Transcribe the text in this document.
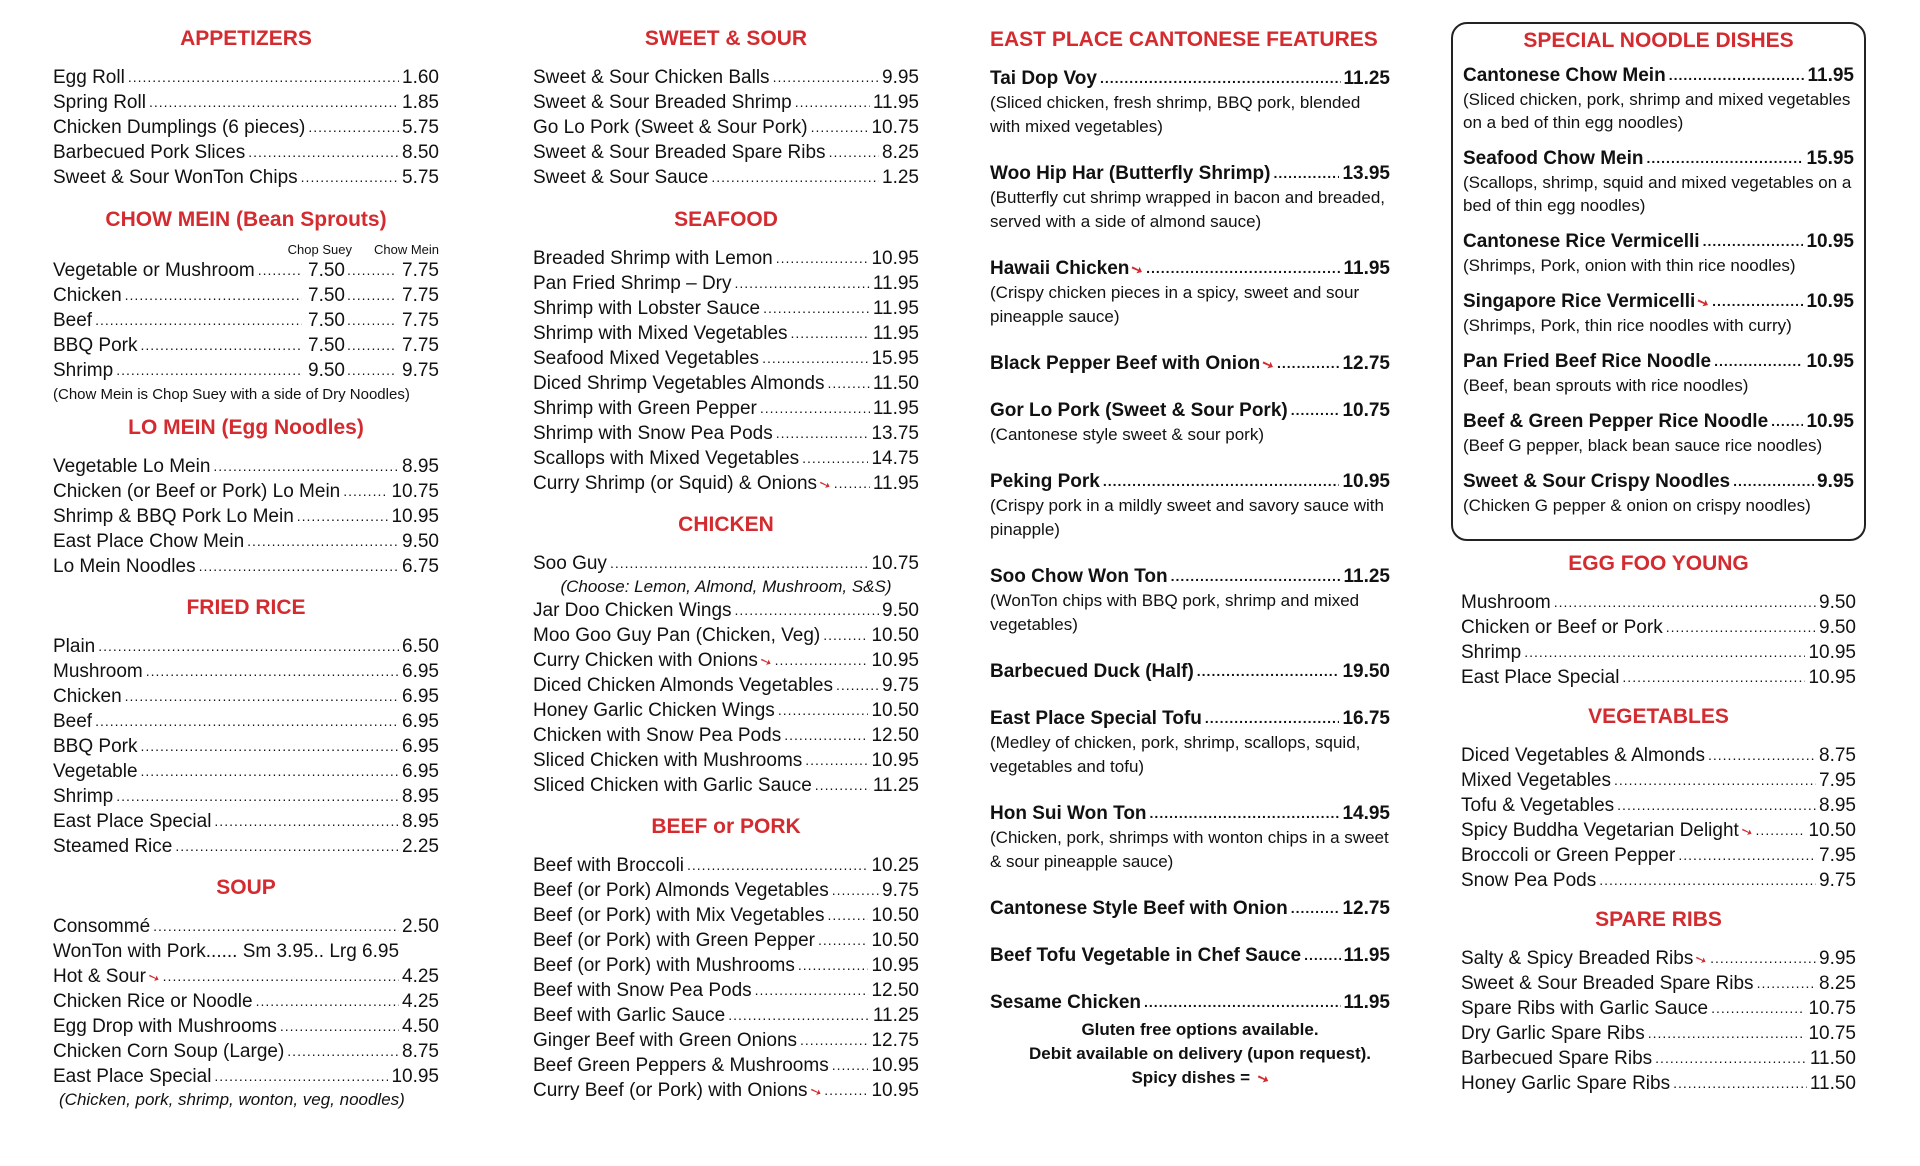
APPETIZERS
Egg Roll .....	1.60
Spring Roll .....	1.85
Chicken Dumplings (6 pieces) .....	5.75
Barbecued Pork Slices .....	8.50
Sweet & Sour WonTon Chips .....	5.75
CHOW MEIN (Bean Sprouts)
Chop Suey Chow Mein
Vegetable or Mushroom .....	7.50 .....	7.75
Chicken .....	7.50 .....	7.75
Beef .....	7.50 .....	7.75
BBQ Pork .....	7.50 .....	7.75
Shrimp .....	9.50 .....	9.75
(Chow Mein is Chop Suey with a side of Dry Noodles)
LO MEIN (Egg Noodles)
Vegetable Lo Mein .....	8.95
Chicken (or Beef or Pork) Lo Mein .....	10.75
Shrimp & BBQ Pork Lo Mein .....	10.95
East Place Chow Mein .....	9.50
Lo Mein Noodles .....	6.75
FRIED RICE
Plain .....	6.50
Mushroom .....	6.95
Chicken .....	6.95
Beef .....	6.95
BBQ Pork .....	6.95
Vegetable .....	6.95
Shrimp .....	8.95
East Place Special .....	8.95
Steamed Rice .....	2.25
SOUP
Consommé .....	2.50
WonTon with Pork...... Sm 3.95.. Lrg 6.95
Hot & Sour ➘ .....	4.25
Chicken Rice or Noodle .....	4.25
Egg Drop with Mushrooms .....	4.50
Chicken Corn Soup (Large) .....	8.75
East Place Special .....	10.95
(Chicken, pork, shrimp, wonton, veg, noodles)
SWEET & SOUR
Sweet & Sour Chicken Balls .....	9.95
Sweet & Sour Breaded Shrimp .....	11.95
Go Lo Pork (Sweet & Sour Pork) .....	10.75
Sweet & Sour Breaded Spare Ribs .....	8.25
Sweet & Sour Sauce .....	1.25
SEAFOOD
Breaded Shrimp with Lemon .....	10.95
Pan Fried Shrimp – Dry .....	11.95
Shrimp with Lobster Sauce .....	11.95
Shrimp with Mixed Vegetables .....	11.95
Seafood Mixed Vegetables .....	15.95
Diced Shrimp Vegetables Almonds .....	11.50
Shrimp with Green Pepper .....	11.95
Shrimp with Snow Pea Pods .....	13.75
Scallops with Mixed Vegetables .....	14.75
Curry Shrimp (or Squid) & Onions ➘ ..... 11.95
CHICKEN
Soo Guy .....	10.75
(Choose: Lemon, Almond, Mushroom, S&S)
Jar Doo Chicken Wings .....	9.50
Moo Goo Guy Pan (Chicken, Veg) .....	10.50
Curry Chicken with Onions ➘ .....	10.95
Diced Chicken Almonds Vegetables .....	9.75
Honey Garlic Chicken Wings .....	10.50
Chicken with Snow Pea Pods .....	12.50
Sliced Chicken with Mushrooms .....	10.95
Sliced Chicken with Garlic Sauce .....	11.25
BEEF or PORK
Beef with Broccoli .....	10.25
Beef (or Pork) Almonds Vegetables .....	9.75
Beef (or Pork) with Mix Vegetables ..... 10.50
Beef (or Pork) with Green Pepper .....	10.50
Beef (or Pork) with Mushrooms .....	10.95
Beef with Snow Pea Pods .....	12.50
Beef with Garlic Sauce .....	11.25
Ginger Beef with Green Onions .....	12.75
Beef Green Peppers & Mushrooms ..... 10.95
Curry Beef (or Pork) with Onions ➘ .....	10.95
EAST PLACE CANTONESE FEATURES
Tai Dop Voy .....	11.25
(Sliced chicken, fresh shrimp, BBQ pork, blended with mixed vegetables)
Woo Hip Har (Butterfly Shrimp) .....	13.95
(Butterfly cut shrimp wrapped in bacon and breaded, served with a side of almond sauce)
Hawaii Chicken ➘ .....	11.95
(Crispy chicken pieces in a spicy, sweet and sour pineapple sauce)
Black Pepper Beef with Onion ➘ .....	12.75
Gor Lo Pork (Sweet & Sour Pork) .....	10.75
(Cantonese style sweet & sour pork)
Peking Pork .....	10.95
(Crispy pork in a mildly sweet and savory sauce with pinapple)
Soo Chow Won Ton .....	11.25
(WonTon chips with BBQ pork, shrimp and mixed vegetables)
Barbecued Duck (Half) .....	19.50
East Place Special Tofu .....	16.75
(Medley of chicken, pork, shrimp, scallops, squid, vegetables and tofu)
Hon Sui Won Ton .....	14.95
(Chicken, pork, shrimps with wonton chips in a sweet & sour pineapple sauce)
Cantonese Style Beef with Onion .....	12.75
Beef Tofu Vegetable in Chef Sauce ..... 11.95
Sesame Chicken .....	11.95
Gluten free options available.
Debit available on delivery (upon request).
Spicy dishes = ➘
SPECIAL NOODLE DISHES
Cantonese Chow Mein .....	11.95
(Sliced chicken, pork, shrimp and mixed vegetables on a bed of thin egg noodles)
Seafood Chow Mein .....	15.95
(Scallops, shrimp, squid and mixed vegetables on a bed of thin egg noodles)
Cantonese Rice Vermicelli .....	10.95
(Shrimps, Pork, onion with thin rice noodles)
Singapore Rice Vermicelli ➘ .....	10.95
(Shrimps, Pork, thin rice noodles with curry)
Pan Fried Beef Rice Noodle .....	10.95
(Beef, bean sprouts with rice noodles)
Beef & Green Pepper Rice Noodle ..... 10.95
(Beef G pepper, black bean sauce rice noodles)
Sweet & Sour Crispy Noodles .....	9.95
(Chicken G pepper & onion on crispy noodles)
EGG FOO YOUNG
Mushroom .....	9.50
Chicken or Beef or Pork .....	9.50
Shrimp .....	10.95
East Place Special .....	10.95
VEGETABLES
Diced Vegetables & Almonds .....	8.75
Mixed Vegetables .....	7.95
Tofu & Vegetables .....	8.95
Spicy Buddha Vegetarian Delight ➘ .....	10.50
Broccoli or Green Pepper .....	7.95
Snow Pea Pods .....	9.75
SPARE RIBS
Salty & Spicy Breaded Ribs ➘ .....	9.95
Sweet & Sour Breaded Spare Ribs .....	8.25
Spare Ribs with Garlic Sauce .....	10.75
Dry Garlic Spare Ribs .....	10.75
Barbecued Spare Ribs .....	11.50
Honey Garlic Spare Ribs .....	11.50
